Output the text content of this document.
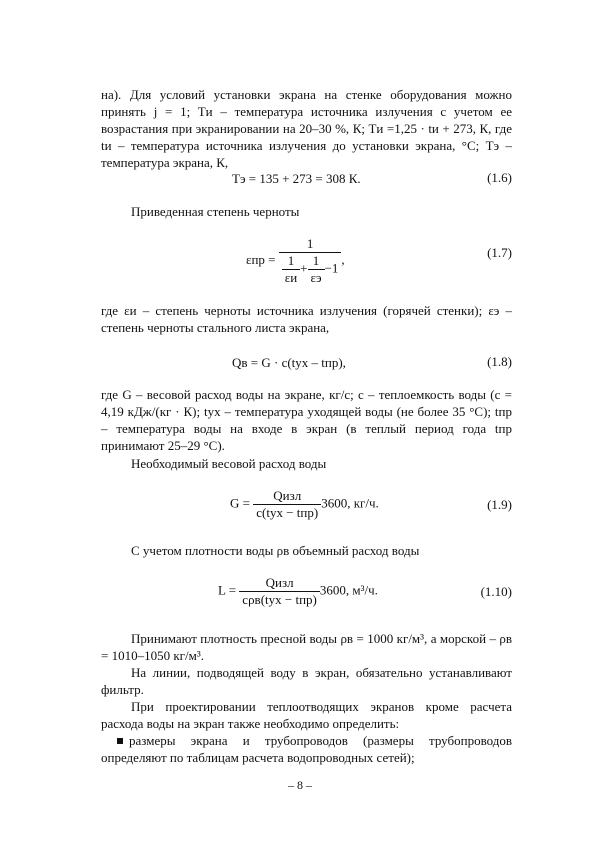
на). Для условий установки экрана на стенке оборудования можно принять j = 1; Tи – температура источника излучения с учетом ее возрастания при экранировании на 20–30 %, К; Tи =1,25 · tи + 273, К, где tи – температура источника излучения до установки экрана, °С; Tэ – температура экрана, К,

Tэ = 135 + 273 = 308 К.	(1.6)

Приведенная степень черноты

$\varepsilon пр = \frac{1}{\frac{1}{\varepsilon и} + \frac{1}{\varepsilon э} -1}$ ,	(1.7)

где εи – степень черноты источника излучения (горячей стенки); εэ – степень черноты стального листа экрана,

Qв = G · c(tух – tпр),	(1.8)

где G – весовой расход воды на экране, кг/с; c – теплоемкость воды (c = 4,19 кДж/(кг · К); tух – температура уходящей воды (не более 35 °С); tпр – температура воды на входе в экран (в теплый период года tпр принимают 25–29 °С).

Необходимый весовой расход воды

$G = \frac{\text{Qизл}}{\text{c(tух − tпр)}} 3600$, кг/ч.	(1.9)

С учетом плотности воды ρв объемный расход воды

$L = \frac{\text{Qизл}}{\text{cρв(tух − tпр)}} 3600$, м³/ч.	(1.10)

Принимают плотность пресной воды ρв = 1000 кг/м³, а морской – ρв = 1010–1050 кг/м³.

На линии, подводящей воду в экран, обязательно устанавливают фильтр.

При проектировании теплоотводящих экранов кроме расчета расхода воды на экран также необходимо определить:

размеры экрана и трубопроводов (размеры трубопроводов определяют по таблицам расчета водопроводных сетей);
– 8 –
